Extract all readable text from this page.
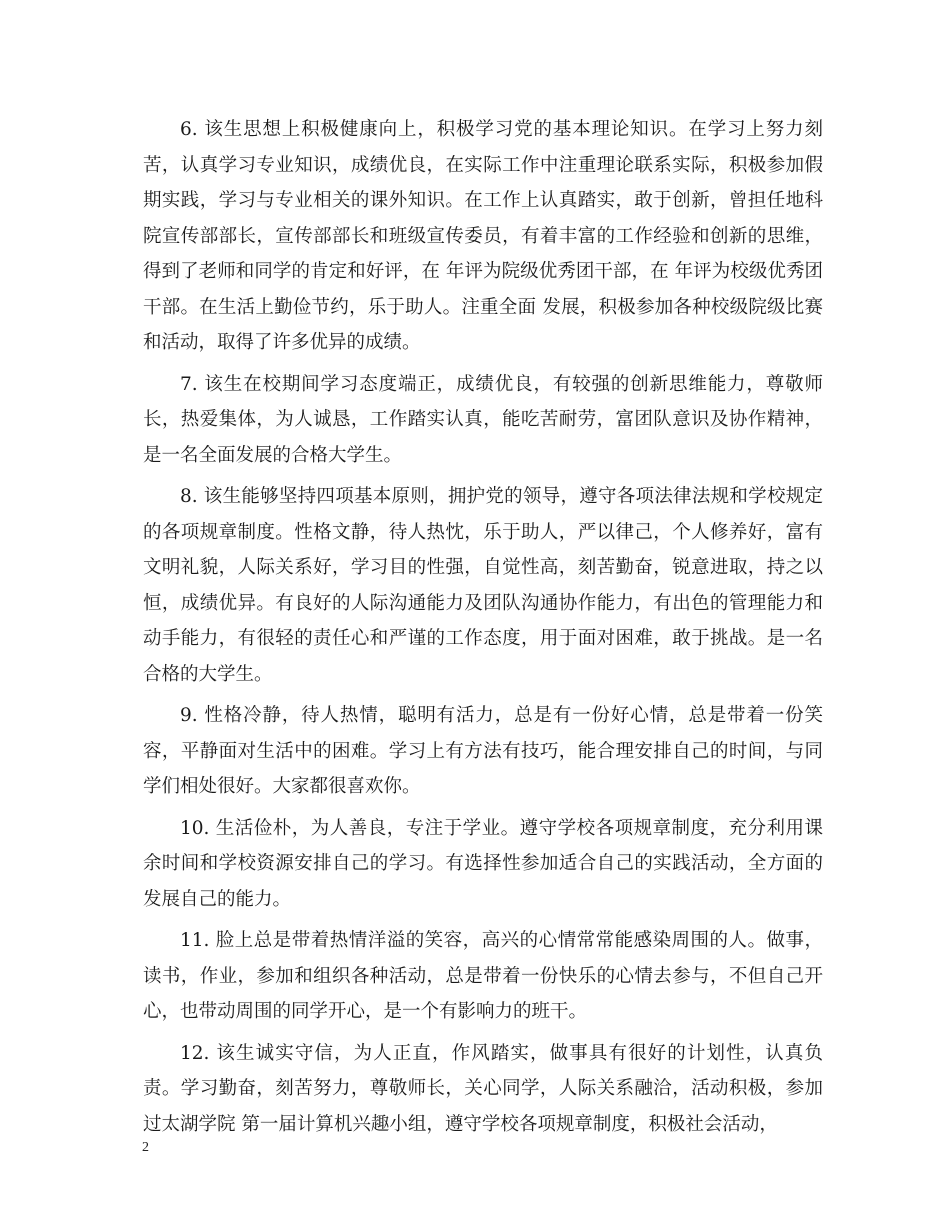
6. 该生思想上积极健康向上，积极学习党的基本理论知识。在学习上努力刻苦，认真学习专业知识，成绩优良，在实际工作中注重理论联系实际，积极参加假期实践，学习与专业相关的课外知识。在工作上认真踏实，敢于创新，曾担任地科院宣传部部长，宣传部部长和班级宣传委员，有着丰富的工作经验和创新的思维，得到了老师和同学的肯定和好评，在 年评为院级优秀团干部，在 年评为校级优秀团干部。在生活上勤俭节约，乐于助人。注重全面 发展，积极参加各种校级院级比赛和活动，取得了许多优异的成绩。

7. 该生在校期间学习态度端正，成绩优良，有较强的创新思维能力，尊敬师长，热爱集体，为人诚恳，工作踏实认真，能吃苦耐劳，富团队意识及协作精神，是一名全面发展的合格大学生。

8. 该生能够坚持四项基本原则，拥护党的领导，遵守各项法律法规和学校规定的各项规章制度。性格文静，待人热忱，乐于助人，严以律己，个人修养好，富有文明礼貌，人际关系好，学习目的性强，自觉性高，刻苦勤奋，锐意进取，持之以恒，成绩优异。有良好的人际沟通能力及团队沟通协作能力，有出色的管理能力和动手能力，有很轻的责任心和严谨的工作态度，用于面对困难，敢于挑战。是一名合格的大学生。

9. 性格冷静，待人热情，聪明有活力，总是有一份好心情，总是带着一份笑容，平静面对生活中的困难。学习上有方法有技巧，能合理安排自己的时间，与同学们相处很好。大家都很喜欢你。

10. 生活俭朴，为人善良，专注于学业。遵守学校各项规章制度，充分利用课余时间和学校资源安排自己的学习。有选择性参加适合自己的实践活动，全方面的发展自己的能力。

11. 脸上总是带着热情洋溢的笑容，高兴的心情常常能感染周围的人。做事，读书，作业，参加和组织各种活动，总是带着一份快乐的心情去参与，不但自己开心，也带动周围的同学开心，是一个有影响力的班干。

12. 该生诚实守信，为人正直，作风踏实，做事具有很好的计划性，认真负责。学习勤奋，刻苦努力，尊敬师长，关心同学，人际关系融洽，活动积极，参加过太湖学院 第一届计算机兴趣小组，遵守学校各项规章制度，积极社会活动，

2
